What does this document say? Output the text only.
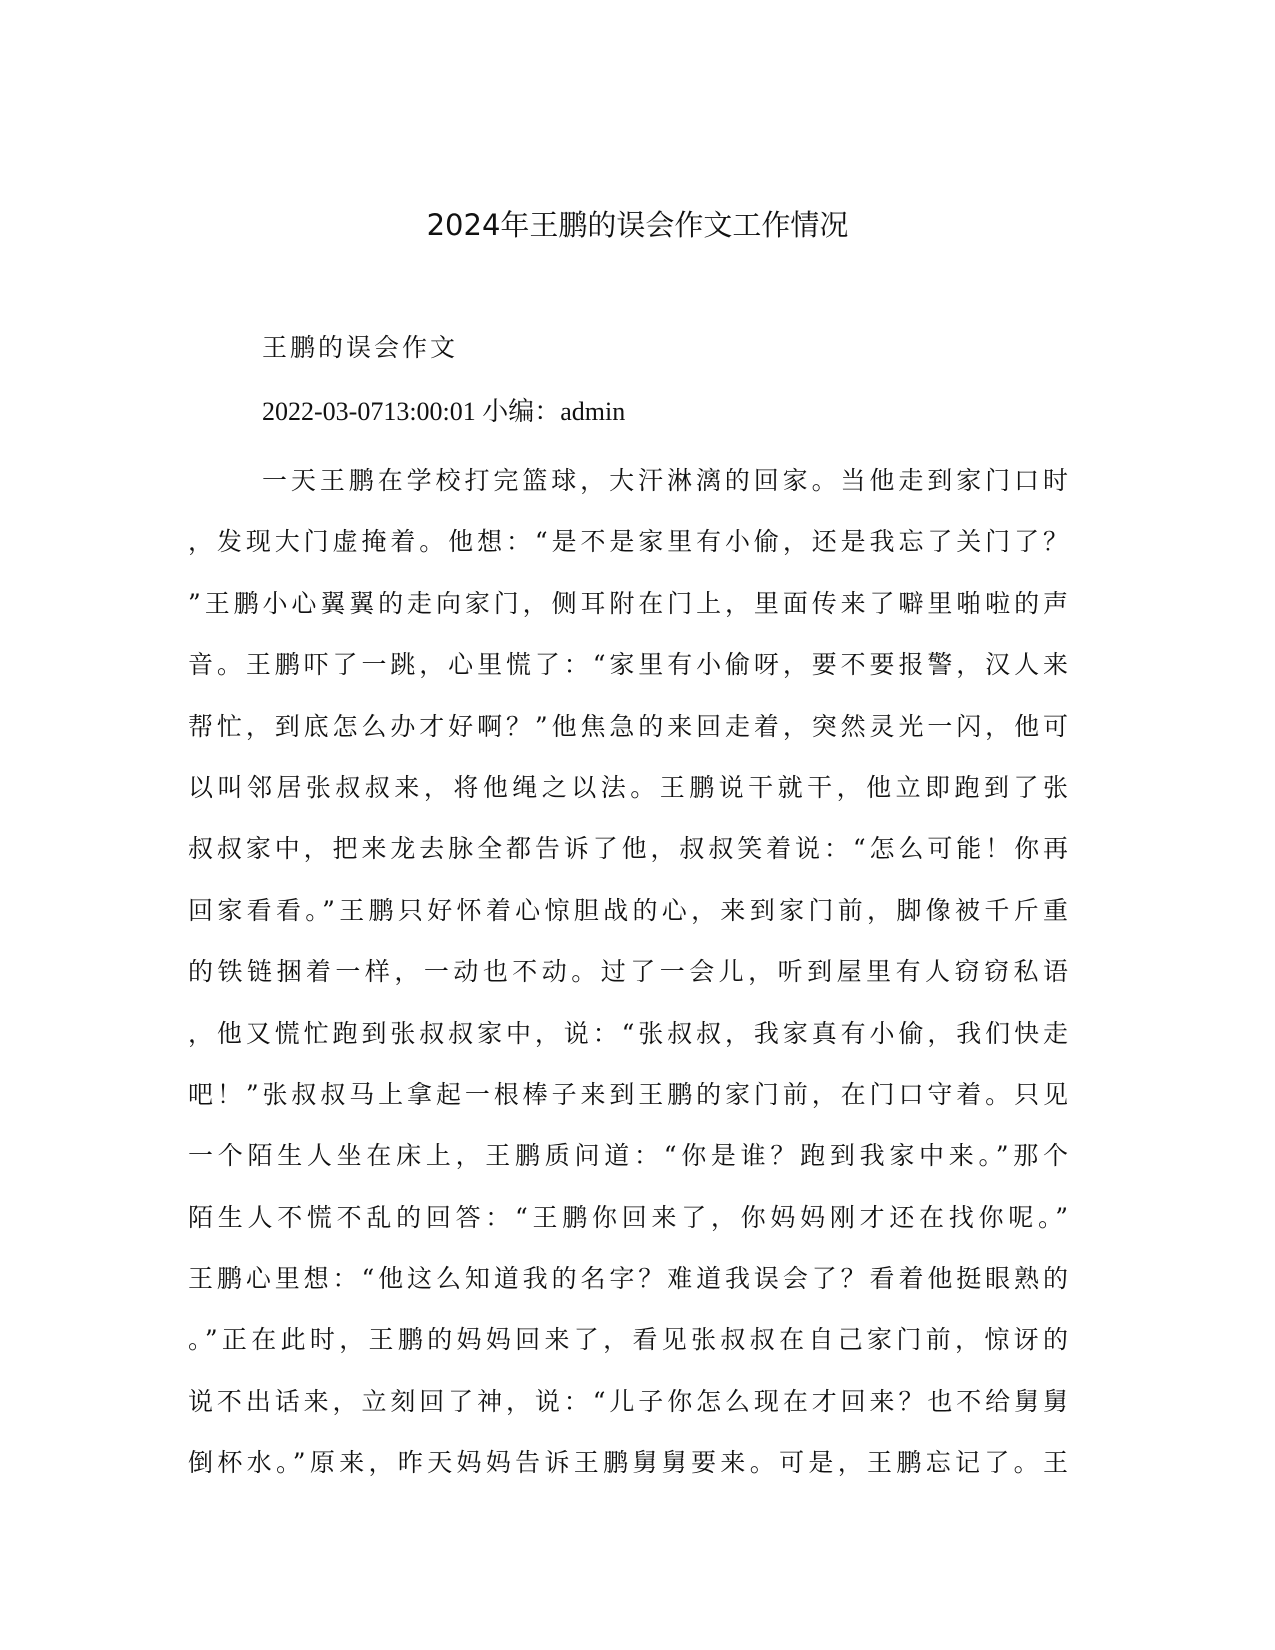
2024年王鹏的误会作文工作情况

王鹏的误会作文

2022-03-0713:00:01 小编：admin

一天王鹏在学校打完篮球，大汗淋漓的回家。当他走到家门口时
，发现大门虚掩着。他想：“是不是家里有小偷，还是我忘了关门了？
”王鹏小心翼翼的走向家门，侧耳附在门上，里面传来了噼里啪啦的声
音。王鹏吓了一跳，心里慌了：“家里有小偷呀，要不要报警，汉人来
帮忙，到底怎么办才好啊？”他焦急的来回走着，突然灵光一闪，他可
以叫邻居张叔叔来，将他绳之以法。王鹏说干就干，他立即跑到了张
叔叔家中，把来龙去脉全都告诉了他，叔叔笑着说：“怎么可能！你再
回家看看。”王鹏只好怀着心惊胆战的心，来到家门前，脚像被千斤重
的铁链捆着一样，一动也不动。过了一会儿，听到屋里有人窃窃私语
，他又慌忙跑到张叔叔家中，说：“张叔叔，我家真有小偷，我们快走
吧！”张叔叔马上拿起一根棒子来到王鹏的家门前，在门口守着。只见
一个陌生人坐在床上，王鹏质问道：“你是谁？跑到我家中来。”那个
陌生人不慌不乱的回答：“王鹏你回来了，你妈妈刚才还在找你呢。”
王鹏心里想：“他这么知道我的名字？难道我误会了？看着他挺眼熟的
。”正在此时，王鹏的妈妈回来了，看见张叔叔在自己家门前，惊讶的
说不出话来，立刻回了神，说：“儿子你怎么现在才回来？也不给舅舅
倒杯水。”原来，昨天妈妈告诉王鹏舅舅要来。可是，王鹏忘记了。王
